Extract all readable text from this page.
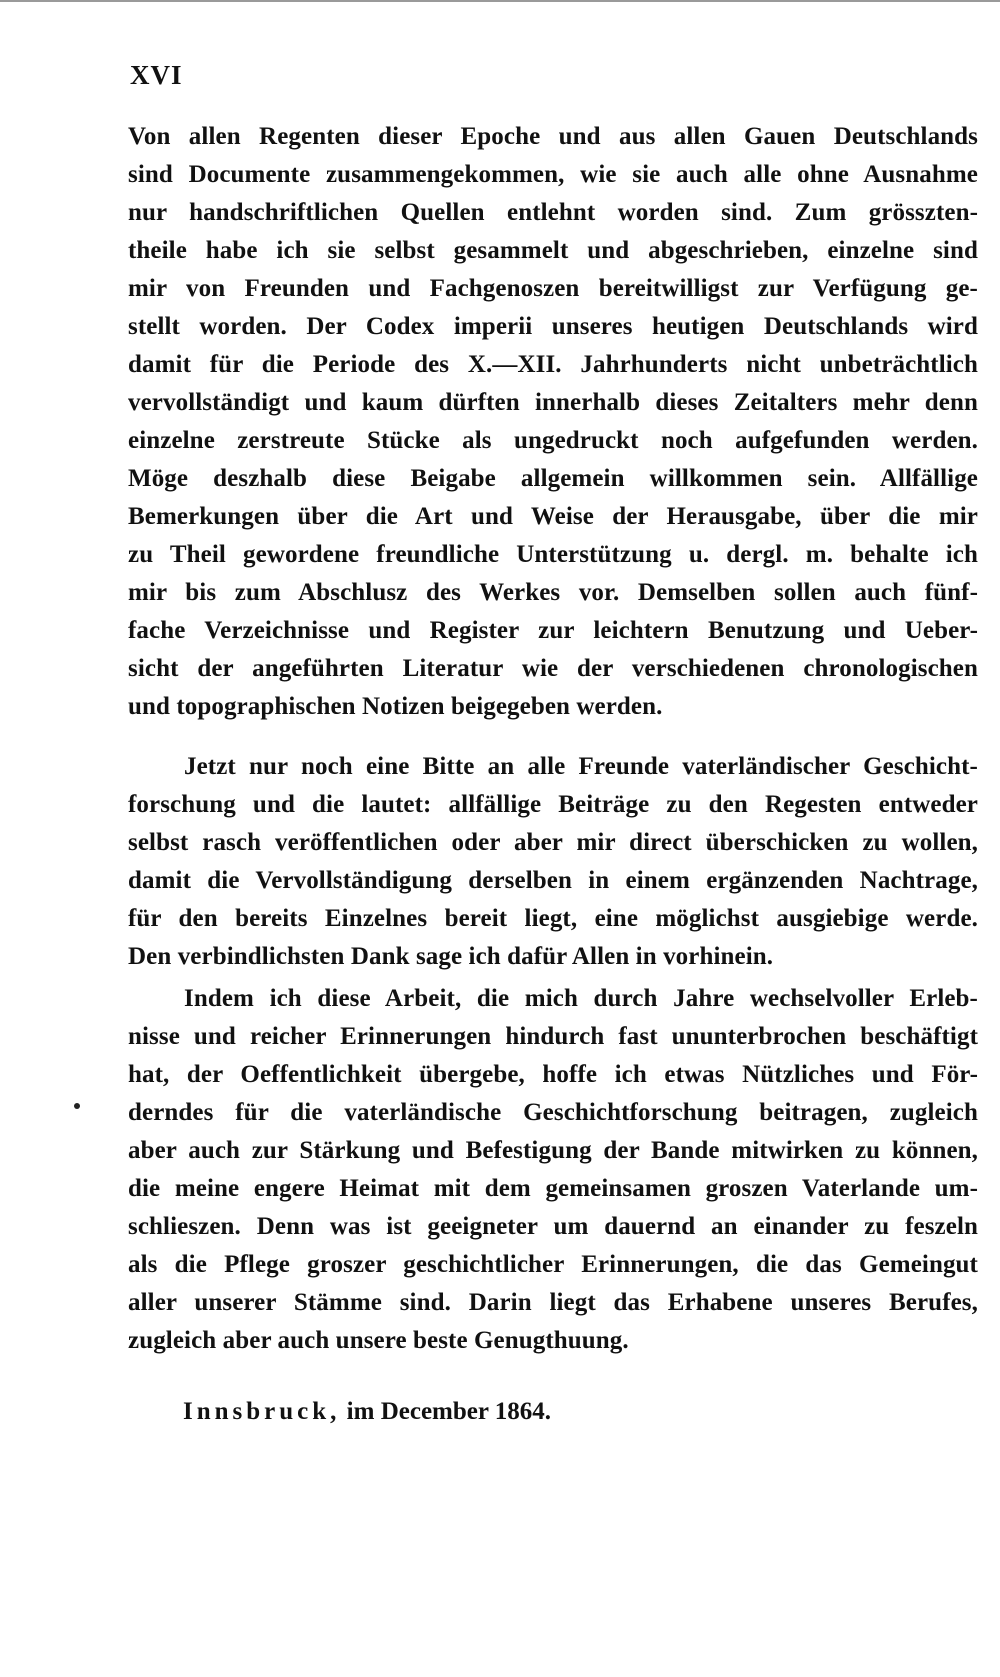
XVI
Von allen Regenten dieser Epoche und aus allen Gauen Deutschlands
sind Documente zusammengekommen, wie sie auch alle ohne Ausnahme
nur handschriftlichen Quellen entlehnt worden sind. Zum grösszten-
theile habe ich sie selbst gesammelt und abgeschrieben, einzelne sind
mir von Freunden und Fachgenoszen bereitwilligst zur Verfügung ge-
stellt worden. Der Codex imperii unseres heutigen Deutschlands wird
damit für die Periode des X.—XII. Jahrhunderts nicht unbeträchtlich
vervollständigt und kaum dürften innerhalb dieses Zeitalters mehr denn
einzelne zerstreute Stücke als ungedruckt noch aufgefunden werden.
Möge deszhalb diese Beigabe allgemein willkommen sein. Allfällige
Bemerkungen über die Art und Weise der Herausgabe, über die mir
zu Theil gewordene freundliche Unterstützung u. dergl. m. behalte ich
mir bis zum Abschlusz des Werkes vor. Demselben sollen auch fünf-
fache Verzeichnisse und Register zur leichtern Benutzung und Ueber-
sicht der angeführten Literatur wie der verschiedenen chronologischen
und topographischen Notizen beigegeben werden.
Jetzt nur noch eine Bitte an alle Freunde vaterländischer Geschicht-
forschung und die lautet: allfällige Beiträge zu den Regesten entweder
selbst rasch veröffentlichen oder aber mir direct überschicken zu wollen,
damit die Vervollständigung derselben in einem ergänzenden Nachtrage,
für den bereits Einzelnes bereit liegt, eine möglichst ausgiebige werde.
Den verbindlichsten Dank sage ich dafür Allen in vorhinein.
Indem ich diese Arbeit, die mich durch Jahre wechselvoller Erleb-
nisse und reicher Erinnerungen hindurch fast ununterbrochen beschäftigt
hat, der Oeffentlichkeit übergebe, hoffe ich etwas Nützliches und För-
derndes für die vaterländische Geschichtforschung beitragen, zugleich
aber auch zur Stärkung und Befestigung der Bande mitwirken zu können,
die meine engere Heimat mit dem gemeinsamen groszen Vaterlande um-
schlieszen. Denn was ist geeigneter um dauernd an einander zu feszeln
als die Pflege groszer geschichtlicher Erinnerungen, die das Gemeingut
aller unserer Stämme sind. Darin liegt das Erhabene unseres Berufes,
zugleich aber auch unsere beste Genugthuung.

Innsbruck, im December 1864.
